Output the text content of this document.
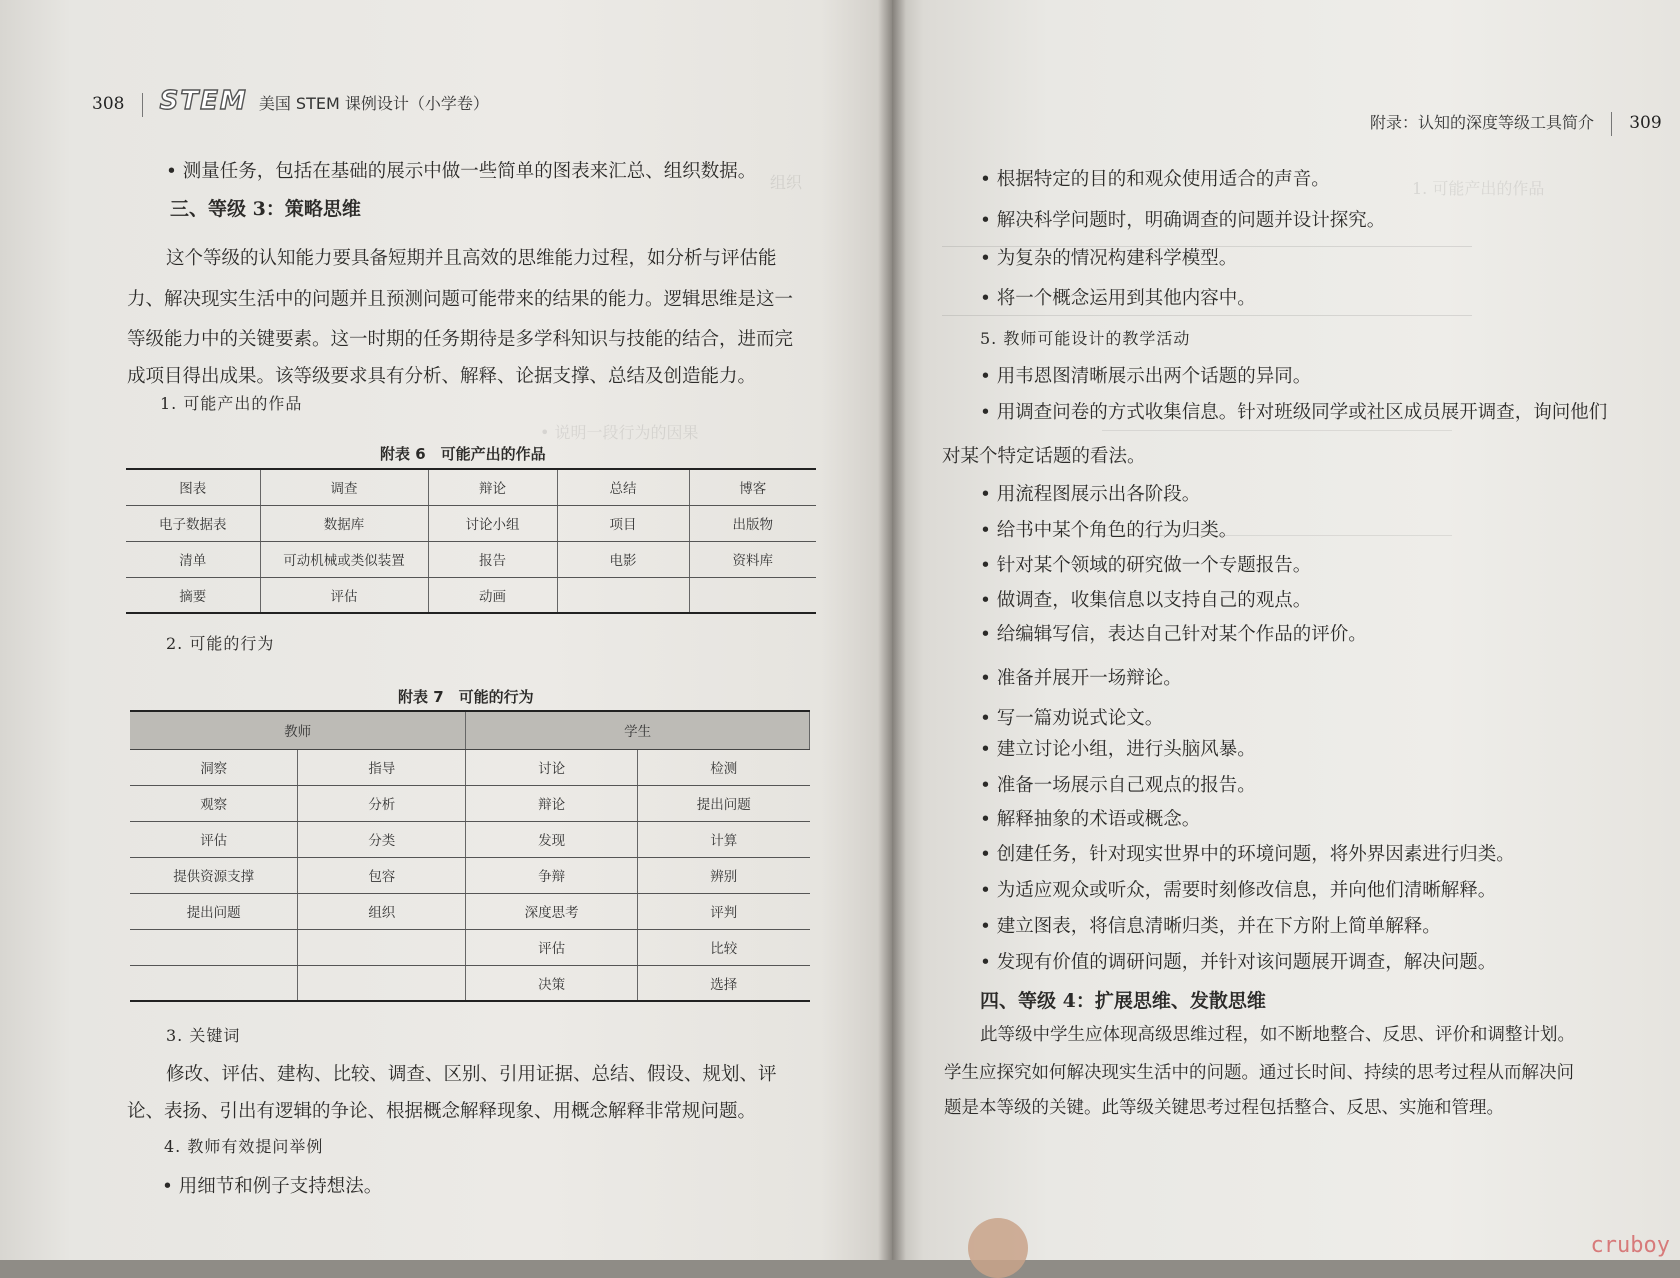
组织
• 说明一段行为的因果
308 STEM 美国 STEM 课例设计（小学卷）
• 测量任务，包括在基础的展示中做一些简单的图表来汇总、组织数据。
三、等级 3：策略思维
这个等级的认知能力要具备短期并且高效的思维能力过程，如分析与评估能
力、解决现实生活中的问题并且预测问题可能带来的结果的能力。逻辑思维是这一
等级能力中的关键要素。这一时期的任务期待是多学科知识与技能的结合，进而完
成项目得出成果。该等级要求具有分析、解释、论据支撑、总结及创造能力。
1. 可能产出的作品
附表 6　可能产出的作品
图表	调查	辩论	总结	博客
电子数据表	数据库	讨论小组	项目	出版物
清单	可动机械或类似装置	报告	电影	资料库
摘要	评估	动画		
2. 可能的行为
附表 7　可能的行为
教师		学生	
洞察	指导	讨论	检测
观察	分析	辩论	提出问题
评估	分类	发现	计算
提供资源支撑	包容	争辩	辨别
提出问题	组织	深度思考	评判
		评估	比较
		决策	选择
3. 关键词
修改、评估、建构、比较、调查、区别、引用证据、总结、假设、规划、评
论、表扬、引出有逻辑的争论、根据概念解释现象、用概念解释非常规问题。
4. 教师有效提问举例
• 用细节和例子支持想法。
1. 可能产出的作品
附录：认知的深度等级工具简介 309
• 根据特定的目的和观众使用适合的声音。
• 解决科学问题时，明确调查的问题并设计探究。
• 为复杂的情况构建科学模型。
• 将一个概念运用到其他内容中。
5. 教师可能设计的教学活动
• 用韦恩图清晰展示出两个话题的异同。
• 用调查问卷的方式收集信息。针对班级同学或社区成员展开调查，询问他们
对某个特定话题的看法。
• 用流程图展示出各阶段。
• 给书中某个角色的行为归类。
• 针对某个领域的研究做一个专题报告。
• 做调查，收集信息以支持自己的观点。
• 给编辑写信，表达自己针对某个作品的评价。
• 准备并展开一场辩论。
• 写一篇劝说式论文。
• 建立讨论小组，进行头脑风暴。
• 准备一场展示自己观点的报告。
• 解释抽象的术语或概念。
• 创建任务，针对现实世界中的环境问题，将外界因素进行归类。
• 为适应观众或听众，需要时刻修改信息，并向他们清晰解释。
• 建立图表，将信息清晰归类，并在下方附上简单解释。
• 发现有价值的调研问题，并针对该问题展开调查，解决问题。
四、等级 4：扩展思维、发散思维
此等级中学生应体现高级思维过程，如不断地整合、反思、评价和调整计划。
学生应探究如何解决现实生活中的问题。通过长时间、持续的思考过程从而解决问
题是本等级的关键。此等级关键思考过程包括整合、反思、实施和管理。
cruboy
